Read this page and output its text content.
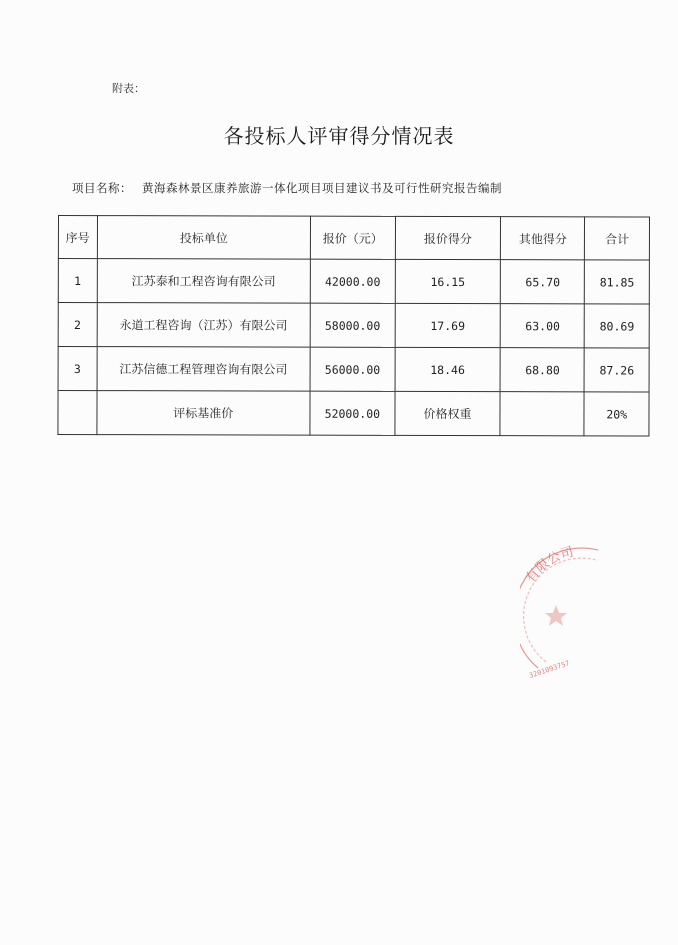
附表：
各投标人评审得分情况表
项目名称： 黄海森林景区康养旅游一体化项目项目建议书及可行性研究报告编制
序号	投标单位	报价（元）	报价得分	其他得分	合计
1	江苏泰和工程咨询有限公司	42000.00	16.15	65.70	81.85
2	永道工程咨询（江苏）有限公司	58000.00	17.69	63.00	80.69
3	江苏信德工程管理咨询有限公司	56000.00	18.46	68.80	87.26
	评标基准价	52000.00	价格权重		20%
有限公司
3201093757
